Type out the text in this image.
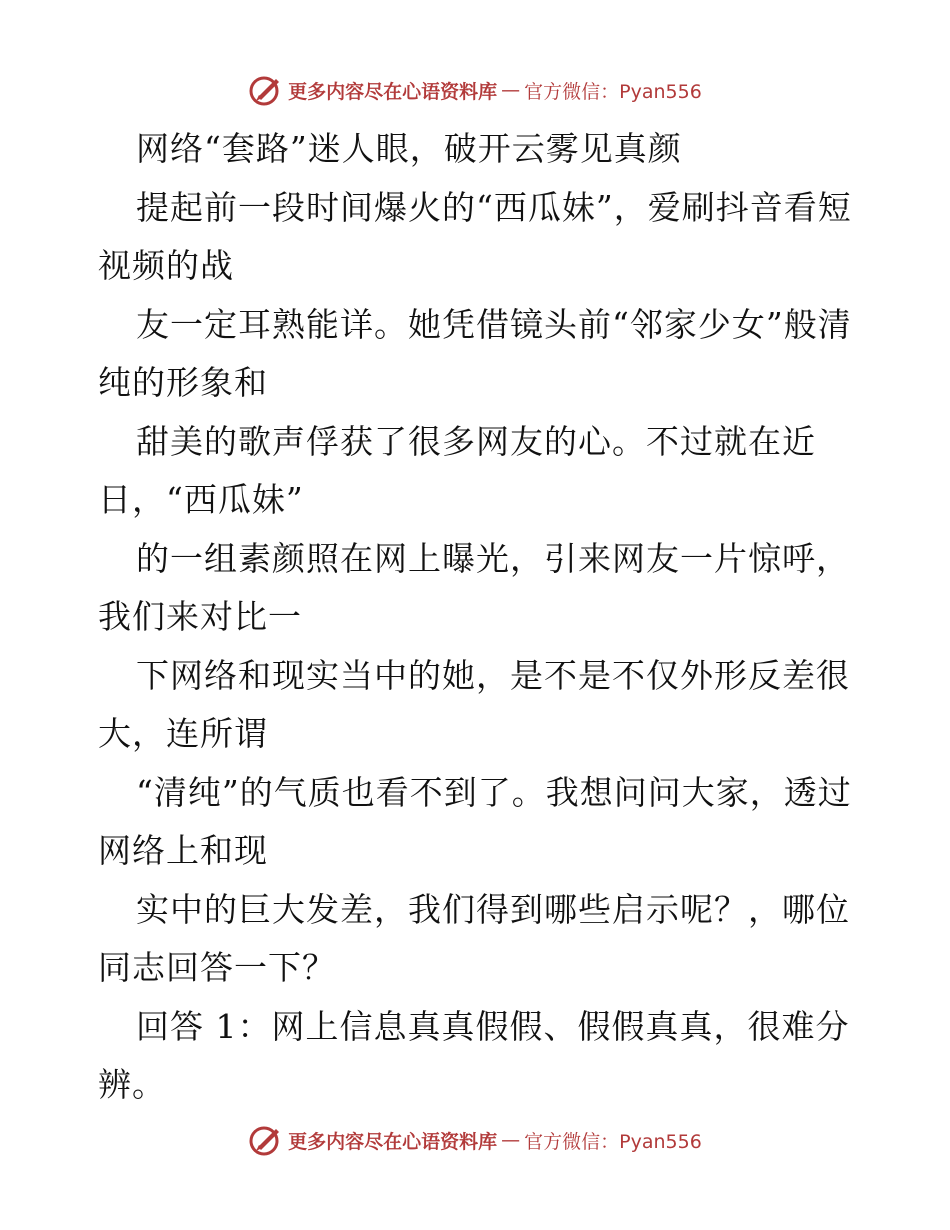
更多内容尽在心语资料库 — 官方微信：Pyan556

网络“套路”迷人眼，破开云雾见真颜

提起前一段时间爆火的“西瓜妹”，爱刷抖音看短视频的战

友一定耳熟能详。她凭借镜头前“邻家少女”般清纯的形象和

甜美的歌声俘获了很多网友的心。不过就在近日，“西瓜妹”

的一组素颜照在网上曝光，引来网友一片惊呼，我们来对比一

下网络和现实当中的她，是不是不仅外形反差很大，连所谓

“清纯”的气质也看不到了。我想问问大家，透过网络上和现

实中的巨大发差，我们得到哪些启示呢？，哪位同志回答一下？

回答 1：网上信息真真假假、假假真真，很难分辨。

更多内容尽在心语资料库 — 官方微信：Pyan556
